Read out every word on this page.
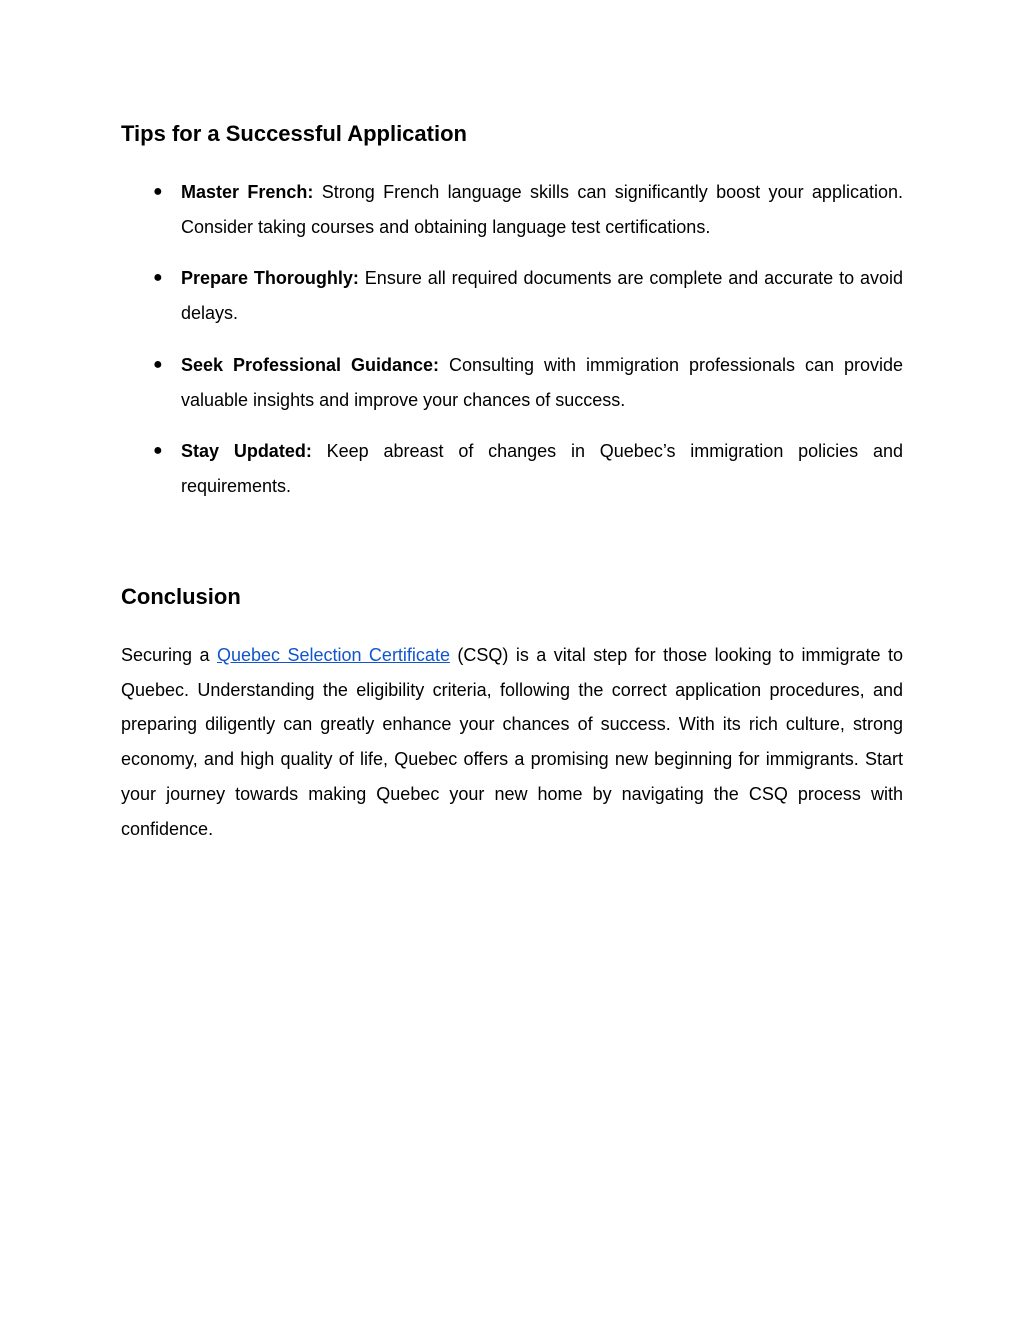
Tips for a Successful Application
● Master French: Strong French language skills can significantly boost your application. Consider taking courses and obtaining language test certifications.
● Prepare Thoroughly: Ensure all required documents are complete and accurate to avoid delays.
● Seek Professional Guidance: Consulting with immigration professionals can provide valuable insights and improve your chances of success.
● Stay Updated: Keep abreast of changes in Quebec’s immigration policies and requirements.
Conclusion

Securing a Quebec Selection Certificate (CSQ) is a vital step for those looking to immigrate to Quebec. Understanding the eligibility criteria, following the correct application procedures, and preparing diligently can greatly enhance your chances of success. With its rich culture, strong economy, and high quality of life, Quebec offers a promising new beginning for immigrants. Start your journey towards making Quebec your new home by navigating the CSQ process with confidence.
